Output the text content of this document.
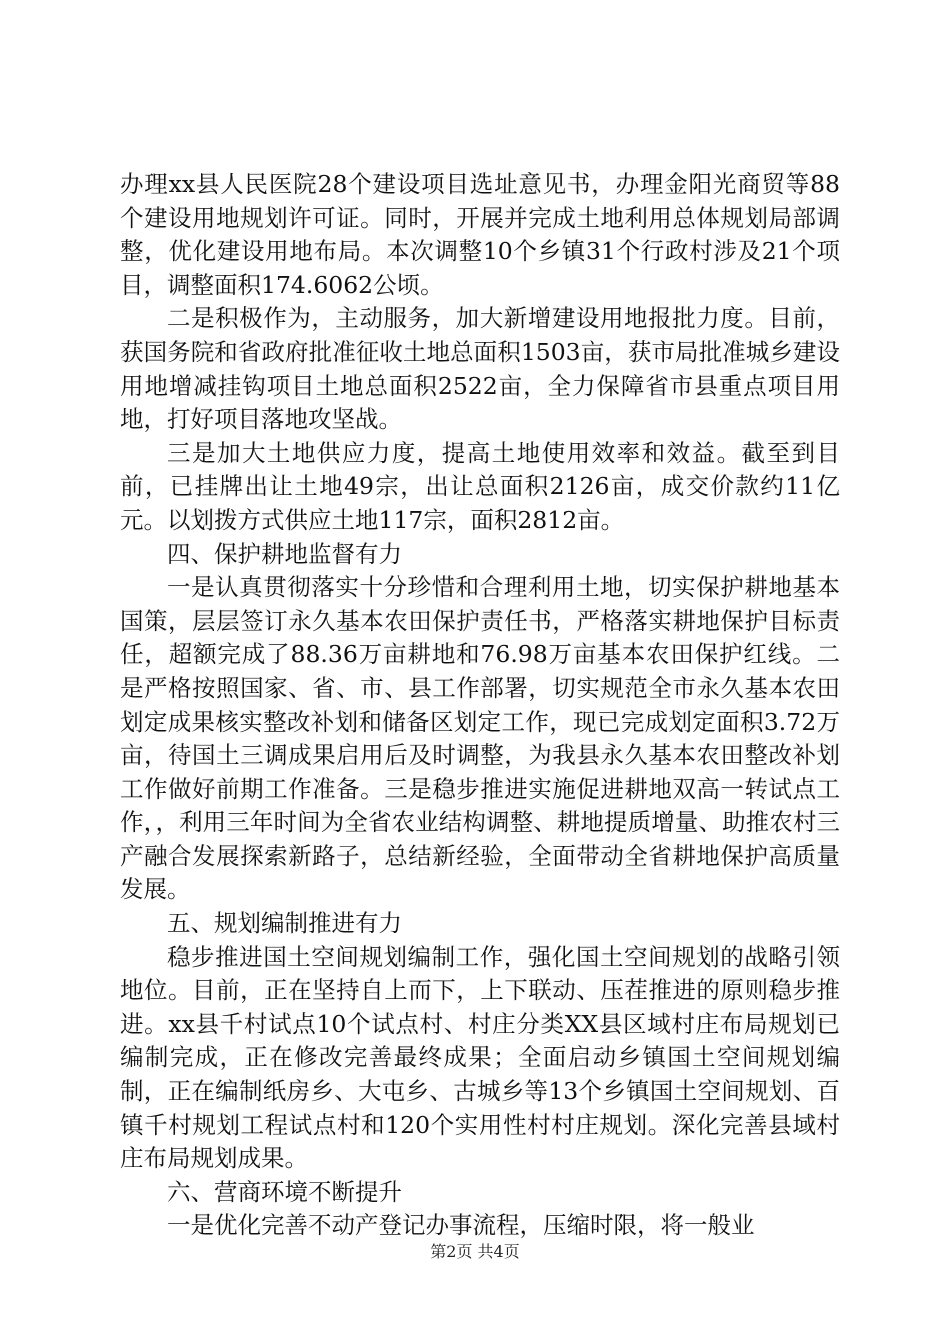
办理xx县人民医院28个建设项目选址意见书，办理金阳光商贸等88个建设用地规划许可证。同时，开展并完成土地利用总体规划局部调整，优化建设用地布局。本次调整10个乡镇31个行政村涉及21个项目，调整面积174.6062公顷。

二是积极作为，主动服务，加大新增建设用地报批力度。目前，获国务院和省政府批准征收土地总面积1503亩，获市局批准城乡建设用地增减挂钩项目土地总面积2522亩，全力保障省市县重点项目用地，打好项目落地攻坚战。

三是加大土地供应力度，提高土地使用效率和效益。截至到目前，已挂牌出让土地49宗，出让总面积2126亩，成交价款约11亿元。以划拨方式供应土地117宗，面积2812亩。

四、保护耕地监督有力

一是认真贯彻落实十分珍惜和合理利用土地，切实保护耕地基本国策，层层签订永久基本农田保护责任书，严格落实耕地保护目标责任，超额完成了88.36万亩耕地和76.98万亩基本农田保护红线。二是严格按照国家、省、市、县工作部署，切实规范全市永久基本农田划定成果核实整改补划和储备区划定工作，现已完成划定面积3.72万亩，待国土三调成果启用后及时调整，为我县永久基本农田整改补划工作做好前期工作准备。三是稳步推进实施促进耕地双高一转试点工作，，利用三年时间为全省农业结构调整、耕地提质增量、助推农村三产融合发展探索新路子，总结新经验，全面带动全省耕地保护高质量发展。

五、规划编制推进有力

稳步推进国土空间规划编制工作，强化国土空间规划的战略引领地位。目前，正在坚持自上而下，上下联动、压茬推进的原则稳步推进。xx县千村试点10个试点村、村庄分类XX县区域村庄布局规划已编制完成，正在修改完善最终成果；全面启动乡镇国土空间规划编制，正在编制纸房乡、大屯乡、古城乡等13个乡镇国土空间规划、百镇千村规划工程试点村和120个实用性村村庄规划。深化完善县域村庄布局规划成果。

六、营商环境不断提升

一是优化完善不动产登记办事流程，压缩时限，将一般业

第2页 共4页
